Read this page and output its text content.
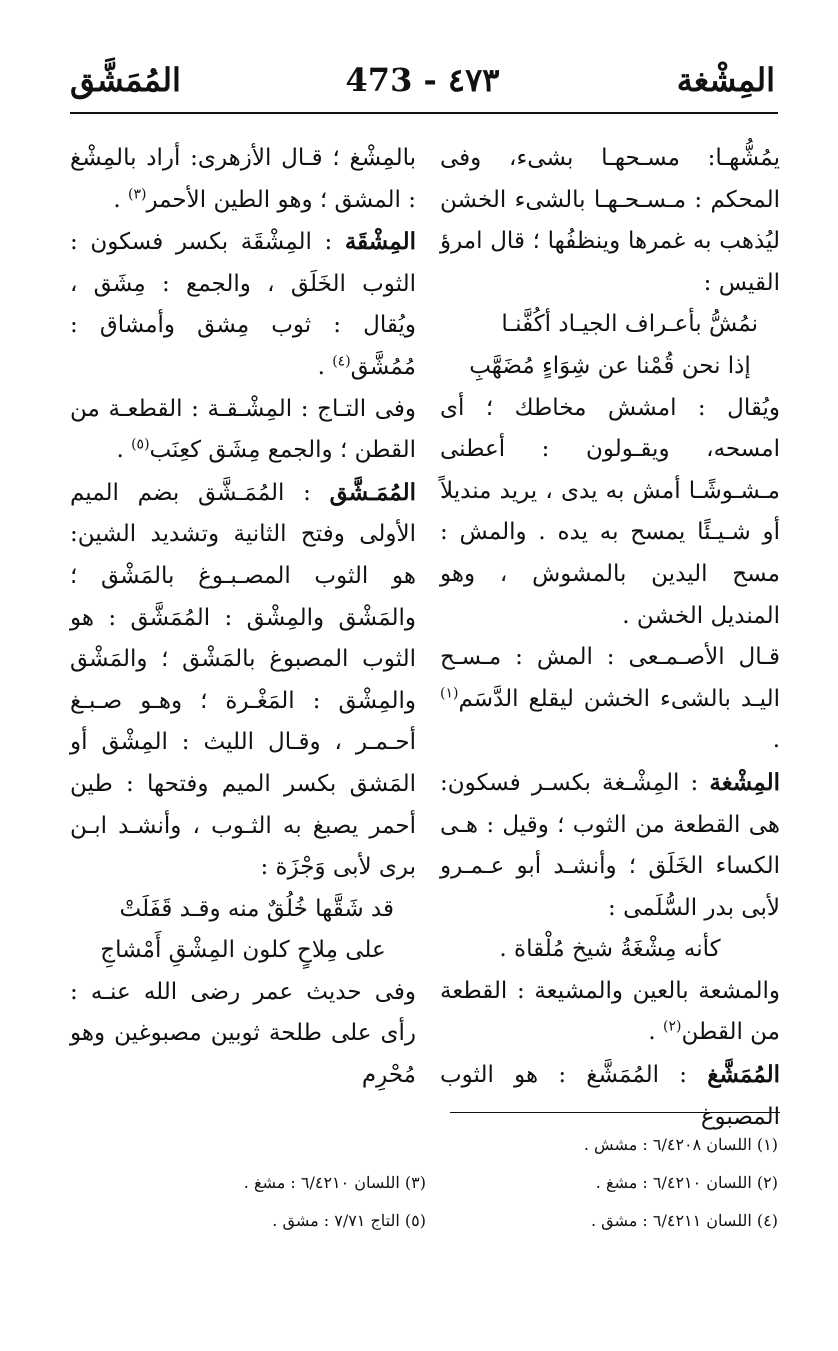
المِشْغة
473 - ٤٧٣
المُمَشَّق

يمُشُّهـا: مسـحهـا بشىء، وفى المحكم : مـسـحـهـا بالشىء الخشن ليُذهب به غمرها وينظفُها ؛ قال امرؤ القيس :

نمُشُّ بأعـراف الجيـاد أكُفَّنـا

إذا نحن قُمْنا عن شِوَاءٍ مُضَهَّبِ

ويُقال : امشش مخاطك ؛ أى امسحه، ويقـولون : أعطنى مـشـوشًـا أمش به يدى ، يريد منديلاً أو شـيـئًا يمسح به يده . والمش : مسح اليدين بالمشوش ، وهو المنديل الخشن .

قـال الأصـمـعى : المش : مـسـح اليـد بالشىء الخشن ليقلع الدَّسَم$^{(١)}$ .

المِشْغة : المِشْـغة بكسـر فسكون: هى القطعة من الثوب ؛ وقيل : هـى الكساء الخَلَق ؛ وأنشـد أبو عـمـرو لأبى بدر السُّلَمى :

كأنه مِشْغَةُ شيخ مُلْقاة .

والمشعة بالعين والمشيعة : القطعة من القطن$^{(٢)}$ .

المُمَشَّغ : المُمَشَّغ : هو الثوب المصبوغ

بالمِشْغ ؛ قـال الأزهرى: أراد بالمِشْغ : المشق ؛ وهو الطين الأحمر$^{(٣)}$ .

المِشْقَة : المِشْقَة بكسر فسكون : الثوب الخَلَق ، والجمع : مِشَق ، ويُقال : ثوب مِشق وأمشاق : مُمُشَّق$^{(٤)}$ .

وفى التـاج : المِشْـقـة : القطعـة من القطن ؛ والجمع مِشَق كعِنَب$^{(٥)}$ .

المُمَـشَّق : المُمَـشَّق بضم الميم الأولى وفتح الثانية وتشديد الشين: هو الثوب المصـبـوغ بالمَشْق ؛ والمَشْق والمِشْق : المُمَشَّق : هو الثوب المصبوغ بالمَشْق ؛ والمَشْق والمِشْق : المَغْـرة ؛ وهـو صـبـغ أحـمـر ، وقـال الليث : المِشْق أو المَشق بكسر الميم وفتحها : طين أحمر يصبغ به الثـوب ، وأنشـد ابـن برى لأبى وَجْزَة :

قد شَقَّها خُلُقٌ منه وقـد قَفَلَتْ

على مِلاحٍ كلون المِشْقِ أَمْشاجِ

وفى حديث عمر رضى الله عنـه : رأى على طلحة ثوبين مصبوغين وهو مُحْرِم

(١) اللسان ٦/٤٢٠٨ : مشش .
(٢) اللسان ٦/٤٢١٠ : مشغ .
(٣) اللسان ٦/٤٢١٠ : مشغ .
(٤) اللسان ٦/٤٢١١ : مشق .
(٥) التاج ٧/٧١ : مشق .
